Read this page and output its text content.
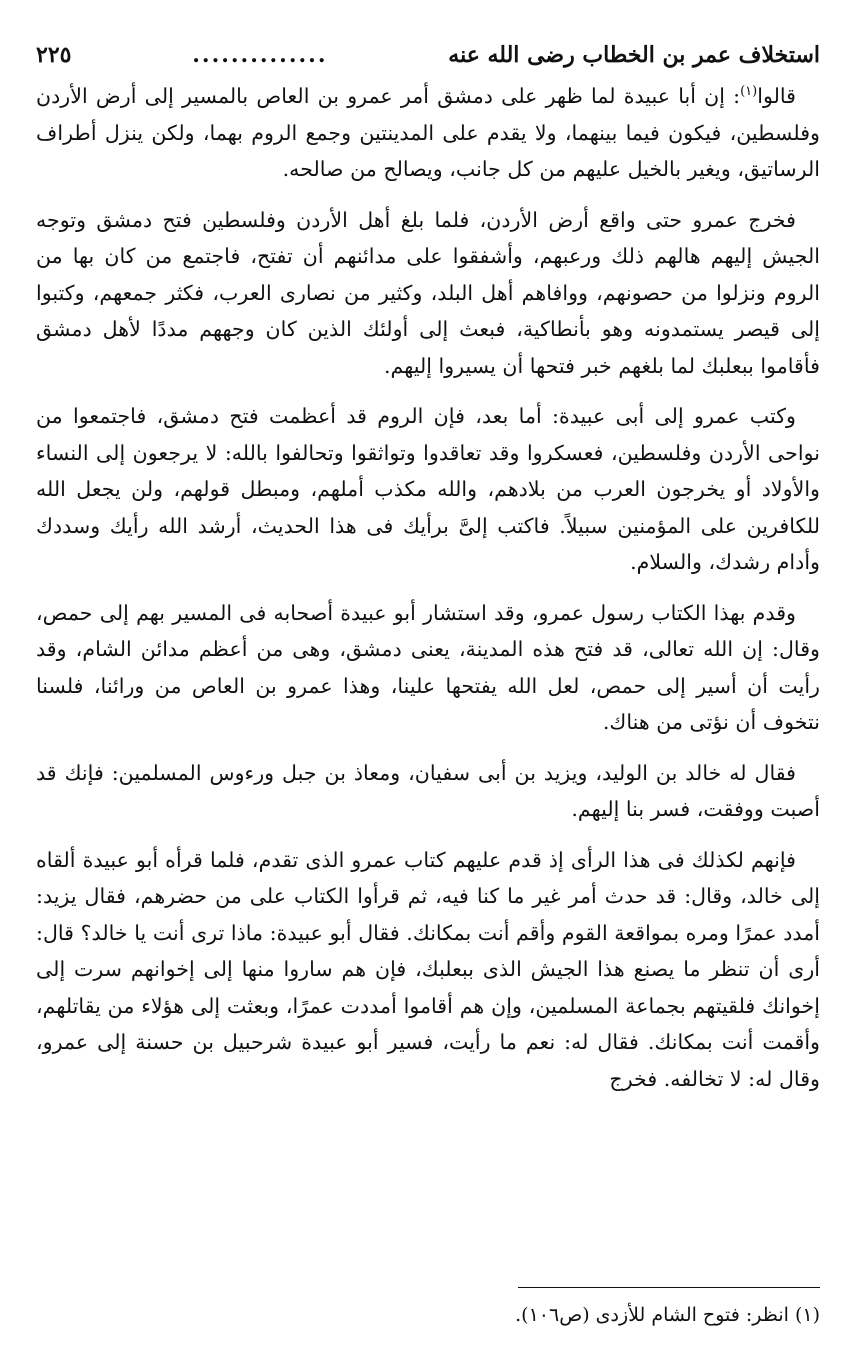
استخلاف عمر بن الخطاب رضى الله عنه
..............
٢٢٥

قالوا$^{(١)}$: إن أبا عبيدة لما ظهر على دمشق أمر عمرو بن العاص بالمسير إلى أرض الأردن وفلسطين، فيكون فيما بينهما، ولا يقدم على المدينتين وجمع الروم بهما، ولكن ينزل أطراف الرساتيق، ويغير بالخيل عليهم من كل جانب، ويصالح من صالحه.

فخرج عمرو حتى واقع أرض الأردن، فلما بلغ أهل الأردن وفلسطين فتح دمشق وتوجه الجيش إليهم هالهم ذلك ورعبهم، وأشفقوا على مدائنهم أن تفتح، فاجتمع من كان بها من الروم ونزلوا من حصونهم، ووافاهم أهل البلد، وكثير من نصارى العرب، فكثر جمعهم، وكتبوا إلى قيصر يستمدونه وهو بأنطاكية، فبعث إلى أولئك الذين كان وجههم مددًا لأهل دمشق فأقاموا ببعلبك لما بلغهم خبر فتحها أن يسيروا إليهم.

وكتب عمرو إلى أبى عبيدة: أما بعد، فإن الروم قد أعظمت فتح دمشق، فاجتمعوا من نواحى الأردن وفلسطين، فعسكروا وقد تعاقدوا وتواثقوا وتحالفوا بالله: لا يرجعون إلى النساء والأولاد أو يخرجون العرب من بلادهم، والله مكذب أملهم، ومبطل قولهم، ولن يجعل الله للكافرين على المؤمنين سبيلاً. فاكتب إلىَّ برأيك فى هذا الحديث، أرشد الله رأيك وسددك وأدام رشدك، والسلام.

وقدم بهذا الكتاب رسول عمرو، وقد استشار أبو عبيدة أصحابه فى المسير بهم إلى حمص، وقال: إن الله تعالى، قد فتح هذه المدينة، يعنى دمشق، وهى من أعظم مدائن الشام، وقد رأيت أن أسير إلى حمص، لعل الله يفتحها علينا، وهذا عمرو بن العاص من ورائنا، فلسنا نتخوف أن نؤتى من هناك.

فقال له خالد بن الوليد، ويزيد بن أبى سفيان، ومعاذ بن جبل ورءوس المسلمين: فإنك قد أصبت ووفقت، فسر بنا إليهم.

فإنهم لكذلك فى هذا الرأى إذ قدم عليهم كتاب عمرو الذى تقدم، فلما قرأه أبو عبيدة ألقاه إلى خالد، وقال: قد حدث أمر غير ما كنا فيه، ثم قرأوا الكتاب على من حضرهم، فقال يزيد: أمدد عمرًا ومره بمواقعة القوم وأقم أنت بمكانك. فقال أبو عبيدة: ماذا ترى أنت يا خالد؟ قال: أرى أن تنظر ما يصنع هذا الجيش الذى ببعلبك، فإن هم ساروا منها إلى إخوانهم سرت إلى إخوانك فلقيتهم بجماعة المسلمين، وإن هم أقاموا أمددت عمرًا، وبعثت إلى هؤلاء من يقاتلهم، وأقمت أنت بمكانك. فقال له: نعم ما رأيت، فسير أبو عبيدة شرحبيل بن حسنة إلى عمرو، وقال له: لا تخالفه. فخرج

(١) انظر: فتوح الشام للأزدى (ص١٠٦).
